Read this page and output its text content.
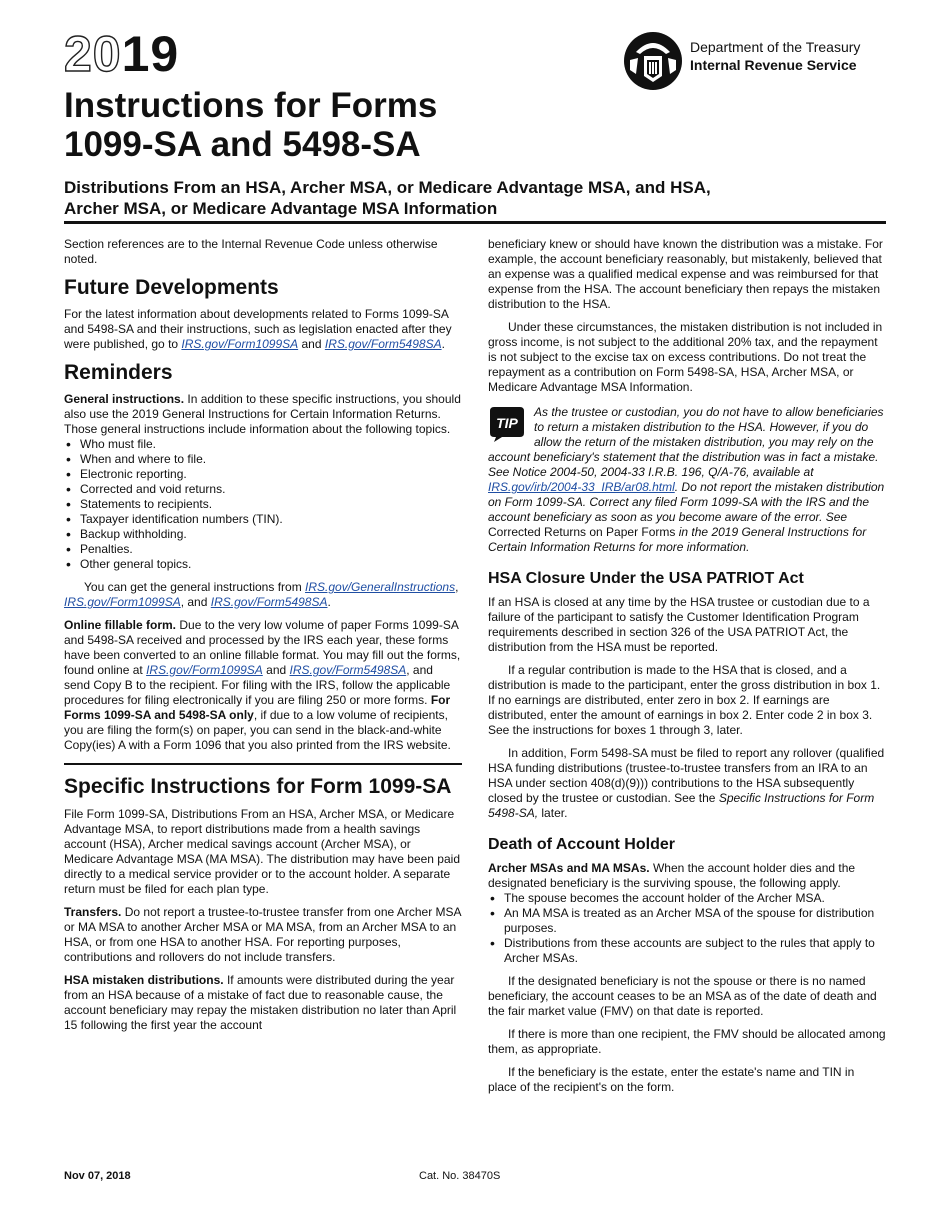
2019
Instructions for Forms
1099-SA and 5498-SA
Department of the Treasury
Internal Revenue Service
Distributions From an HSA, Archer MSA, or Medicare Advantage MSA, and HSA,
Archer MSA, or Medicare Advantage MSA Information

Section references are to the Internal Revenue Code unless otherwise noted.

Future Developments

For the latest information about developments related to Forms 1099-SA and 5498-SA and their instructions, such as legislation enacted after they were published, go to IRS.gov/Form1099SA and IRS.gov/Form5498SA.

Reminders

General instructions. In addition to these specific instructions, you should also use the 2019 General Instructions for Certain Information Returns. Those general instructions include information about the following topics.

• Who must file.
• When and where to file.
• Electronic reporting.
• Corrected and void returns.
• Statements to recipients.
• Taxpayer identification numbers (TIN).
• Backup withholding.
• Penalties.
• Other general topics.

You can get the general instructions from IRS.gov/GeneralInstructions, IRS.gov/Form1099SA, and IRS.gov/Form5498SA.

Online fillable form. Due to the very low volume of paper Forms 1099-SA and 5498-SA received and processed by the IRS each year, these forms have been converted to an online fillable format. You may fill out the forms, found online at IRS.gov/Form1099SA and IRS.gov/Form5498SA, and send Copy B to the recipient. For filing with the IRS, follow the applicable procedures for filing electronically if you are filing 250 or more forms. For Forms 1099-SA and 5498-SA only, if due to a low volume of recipients, you are filing the form(s) on paper, you can send in the black-and-white Copy(ies) A with a Form 1096 that you also printed from the IRS website.

Specific Instructions for Form 1099-SA

File Form 1099-SA, Distributions From an HSA, Archer MSA, or Medicare Advantage MSA, to report distributions made from a health savings account (HSA), Archer medical savings account (Archer MSA), or Medicare Advantage MSA (MA MSA). The distribution may have been paid directly to a medical service provider or to the account holder. A separate return must be filed for each plan type.

Transfers. Do not report a trustee-to-trustee transfer from one Archer MSA or MA MSA to another Archer MSA or MA MSA, from an Archer MSA to an HSA, or from one HSA to another HSA. For reporting purposes, contributions and rollovers do not include transfers.

HSA mistaken distributions. If amounts were distributed during the year from an HSA because of a mistake of fact due to reasonable cause, the account beneficiary may repay the mistaken distribution no later than April 15 following the first year the account

beneficiary knew or should have known the distribution was a mistake. For example, the account beneficiary reasonably, but mistakenly, believed that an expense was a qualified medical expense and was reimbursed for that expense from the HSA. The account beneficiary then repays the mistaken distribution to the HSA.

Under these circumstances, the mistaken distribution is not included in gross income, is not subject to the additional 20% tax, and the repayment is not subject to the excise tax on excess contributions. Do not treat the repayment as a contribution on Form 5498-SA, HSA, Archer MSA, or Medicare Advantage MSA Information.

TIP
As the trustee or custodian, you do not have to allow beneficiaries to return a mistaken distribution to the HSA. However, if you do allow the return of the mistaken distribution, you may rely on the account beneficiary's statement that the distribution was in fact a mistake. See Notice 2004-50, 2004-33 I.R.B. 196, Q/A-76, available at IRS.gov/irb/2004-33_IRB/ar08.html. Do not report the mistaken distribution on Form 1099-SA. Correct any filed Form 1099-SA with the IRS and the account beneficiary as soon as you become aware of the error. See Corrected Returns on Paper Forms in the 2019 General Instructions for Certain Information Returns for more information.
HSA Closure Under the USA PATRIOT Act

If an HSA is closed at any time by the HSA trustee or custodian due to a failure of the participant to satisfy the Customer Identification Program requirements described in section 326 of the USA PATRIOT Act, the distribution from the HSA must be reported.

If a regular contribution is made to the HSA that is closed, and a distribution is made to the participant, enter the gross distribution in box 1. If no earnings are distributed, enter zero in box 2. If earnings are distributed, enter the amount of earnings in box 2. Enter code 2 in box 3. See the instructions for boxes 1 through 3, later.

In addition, Form 5498-SA must be filed to report any rollover (qualified HSA funding distributions (trustee-to-trustee transfers from an IRA to an HSA under section 408(d)(9))) contributions to the HSA subsequently closed by the trustee or custodian. See the Specific Instructions for Form 5498-SA, later.

Death of Account Holder

Archer MSAs and MA MSAs. When the account holder dies and the designated beneficiary is the surviving spouse, the following apply.

• The spouse becomes the account holder of the Archer MSA.
• An MA MSA is treated as an Archer MSA of the spouse for distribution purposes.
• Distributions from these accounts are subject to the rules that apply to Archer MSAs.

If the designated beneficiary is not the spouse or there is no named beneficiary, the account ceases to be an MSA as of the date of death and the fair market value (FMV) on that date is reported.

If there is more than one recipient, the FMV should be allocated among them, as appropriate.

If the beneficiary is the estate, enter the estate's name and TIN in place of the recipient's on the form.

Nov 07, 2018	Cat. No. 38470S
